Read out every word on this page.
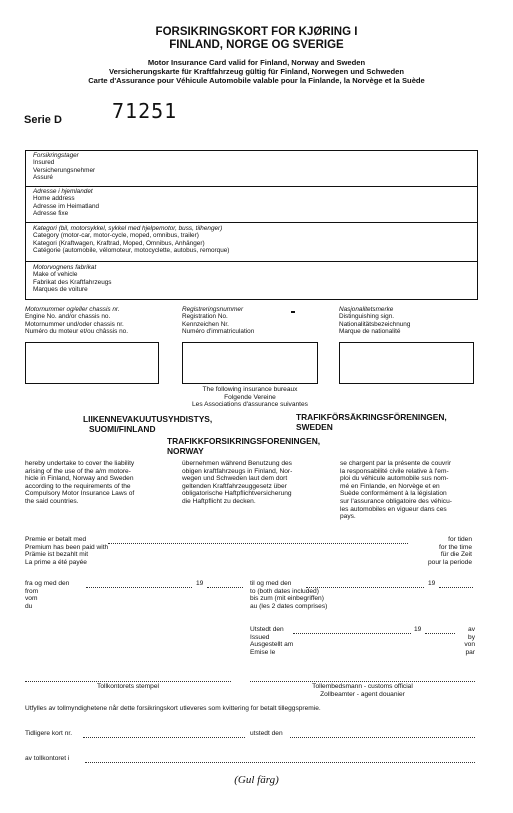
FORSIKRINGSKORT FOR KJØRING I
FINLAND, NORGE OG SVERIGE
Motor Insurance Card valid for Finland, Norway and Sweden
Versicherungskarte für Kraftfahrzeug gültig für Finland, Norwegen und Schweden
Carte d'Assurance pour Véhicule Automobile valable pour la Finlande, la Norvège et la Suède
Serie D	71251
Forsikringstager
Insured
Versicherungsnehmer
Assuré
Adresse i hjemlandet
Home address
Adresse im Heimatland
Adresse fixe
Kategori (bil, motorsykkel, sykkel med hjelpemotor, buss, tilhenger)
Category (motor-car, motor-cycle, moped, omnibus, trailer)
Kategori (Kraftwagen, Kraftrad, Moped, Omnibus, Anhänger)
Catégorie (automobile, vélomoteur, motocyclette, autobus, remorque)
Motorvognens fabrikat
Make of vehicle
Fabrikat des Kraftfahrzeugs
Marques de voiture
Motornummer og/eller chassis nr.
Engine No. and/or chassis no.
Motornummer und/oder chassis nr.
Numéro du moteur et/ou châssis no.
Registreringsnummer
Registration No.
Kennzeichen Nr.
Numéro d'immatriculation
Nasjonalitetsmerke
Distinguishing sign.
Nationalitätsbezeichnung
Marque de nationalité
The following insurance bureaux
Folgende Vereine
Les Associations d'assurance suivantes
LIIKENNEVAKUUTUSYHDISTYS,
SUOMI/FINLAND
TRAFIKFÖRSÄKRINGSFÖRENINGEN,
SWEDEN
TRAFIKKFORSIKRINGSFORENINGEN,
NORWAY
hereby undertake to cover the liability
arising of the use of the a/m motore-
hicle in Finland, Norway and Sweden
according to the requirements of the
Compulsory Motor Insurance Laws of
the said countries.
übernehmen während Benutzung des
obigen kraftfahrzeugs in Finland, Nor-
wegen und Schweden laut dem dort
geltenden Kraftfahrzeuggesetz über
obligatorische Haftpflichtversicherung
die Haftpflicht zu decken.
se chargent par la présente de couvrir
la responsabilité civile relative à l'em-
ploi du véhicule automobile sus nom-
mé en Finlande, en Norvège et en
Suède conformément à la législation
sur l'assurance obligatoire des véhicu-
les automobiles en vigueur dans ces
pays.
Premie er betalt med
Premium has been paid with
Prämie ist bezahlt mit
La prime a été payée
for tiden
for the time
für die Zeit
pour la periode
fra og med den
from
vom
du
19	til og med den
to (both dates included)
bis zum (mit einbegriffen)
au (les 2 dates comprises)
19
Utstedt den
Issued
Ausgestellt am
Emise le
19	av
by
von
par
Tollkontorets stempel	Tollembedsmann - customs official
Zollbeamter - agent douanier
Utfylles av tollmyndighetene når dette forsikringskort utleveres som kvittering for betalt tilleggspremie.
Tidligere kort nr.	utstedt den
av tollkontoret i
(Gul färg)
